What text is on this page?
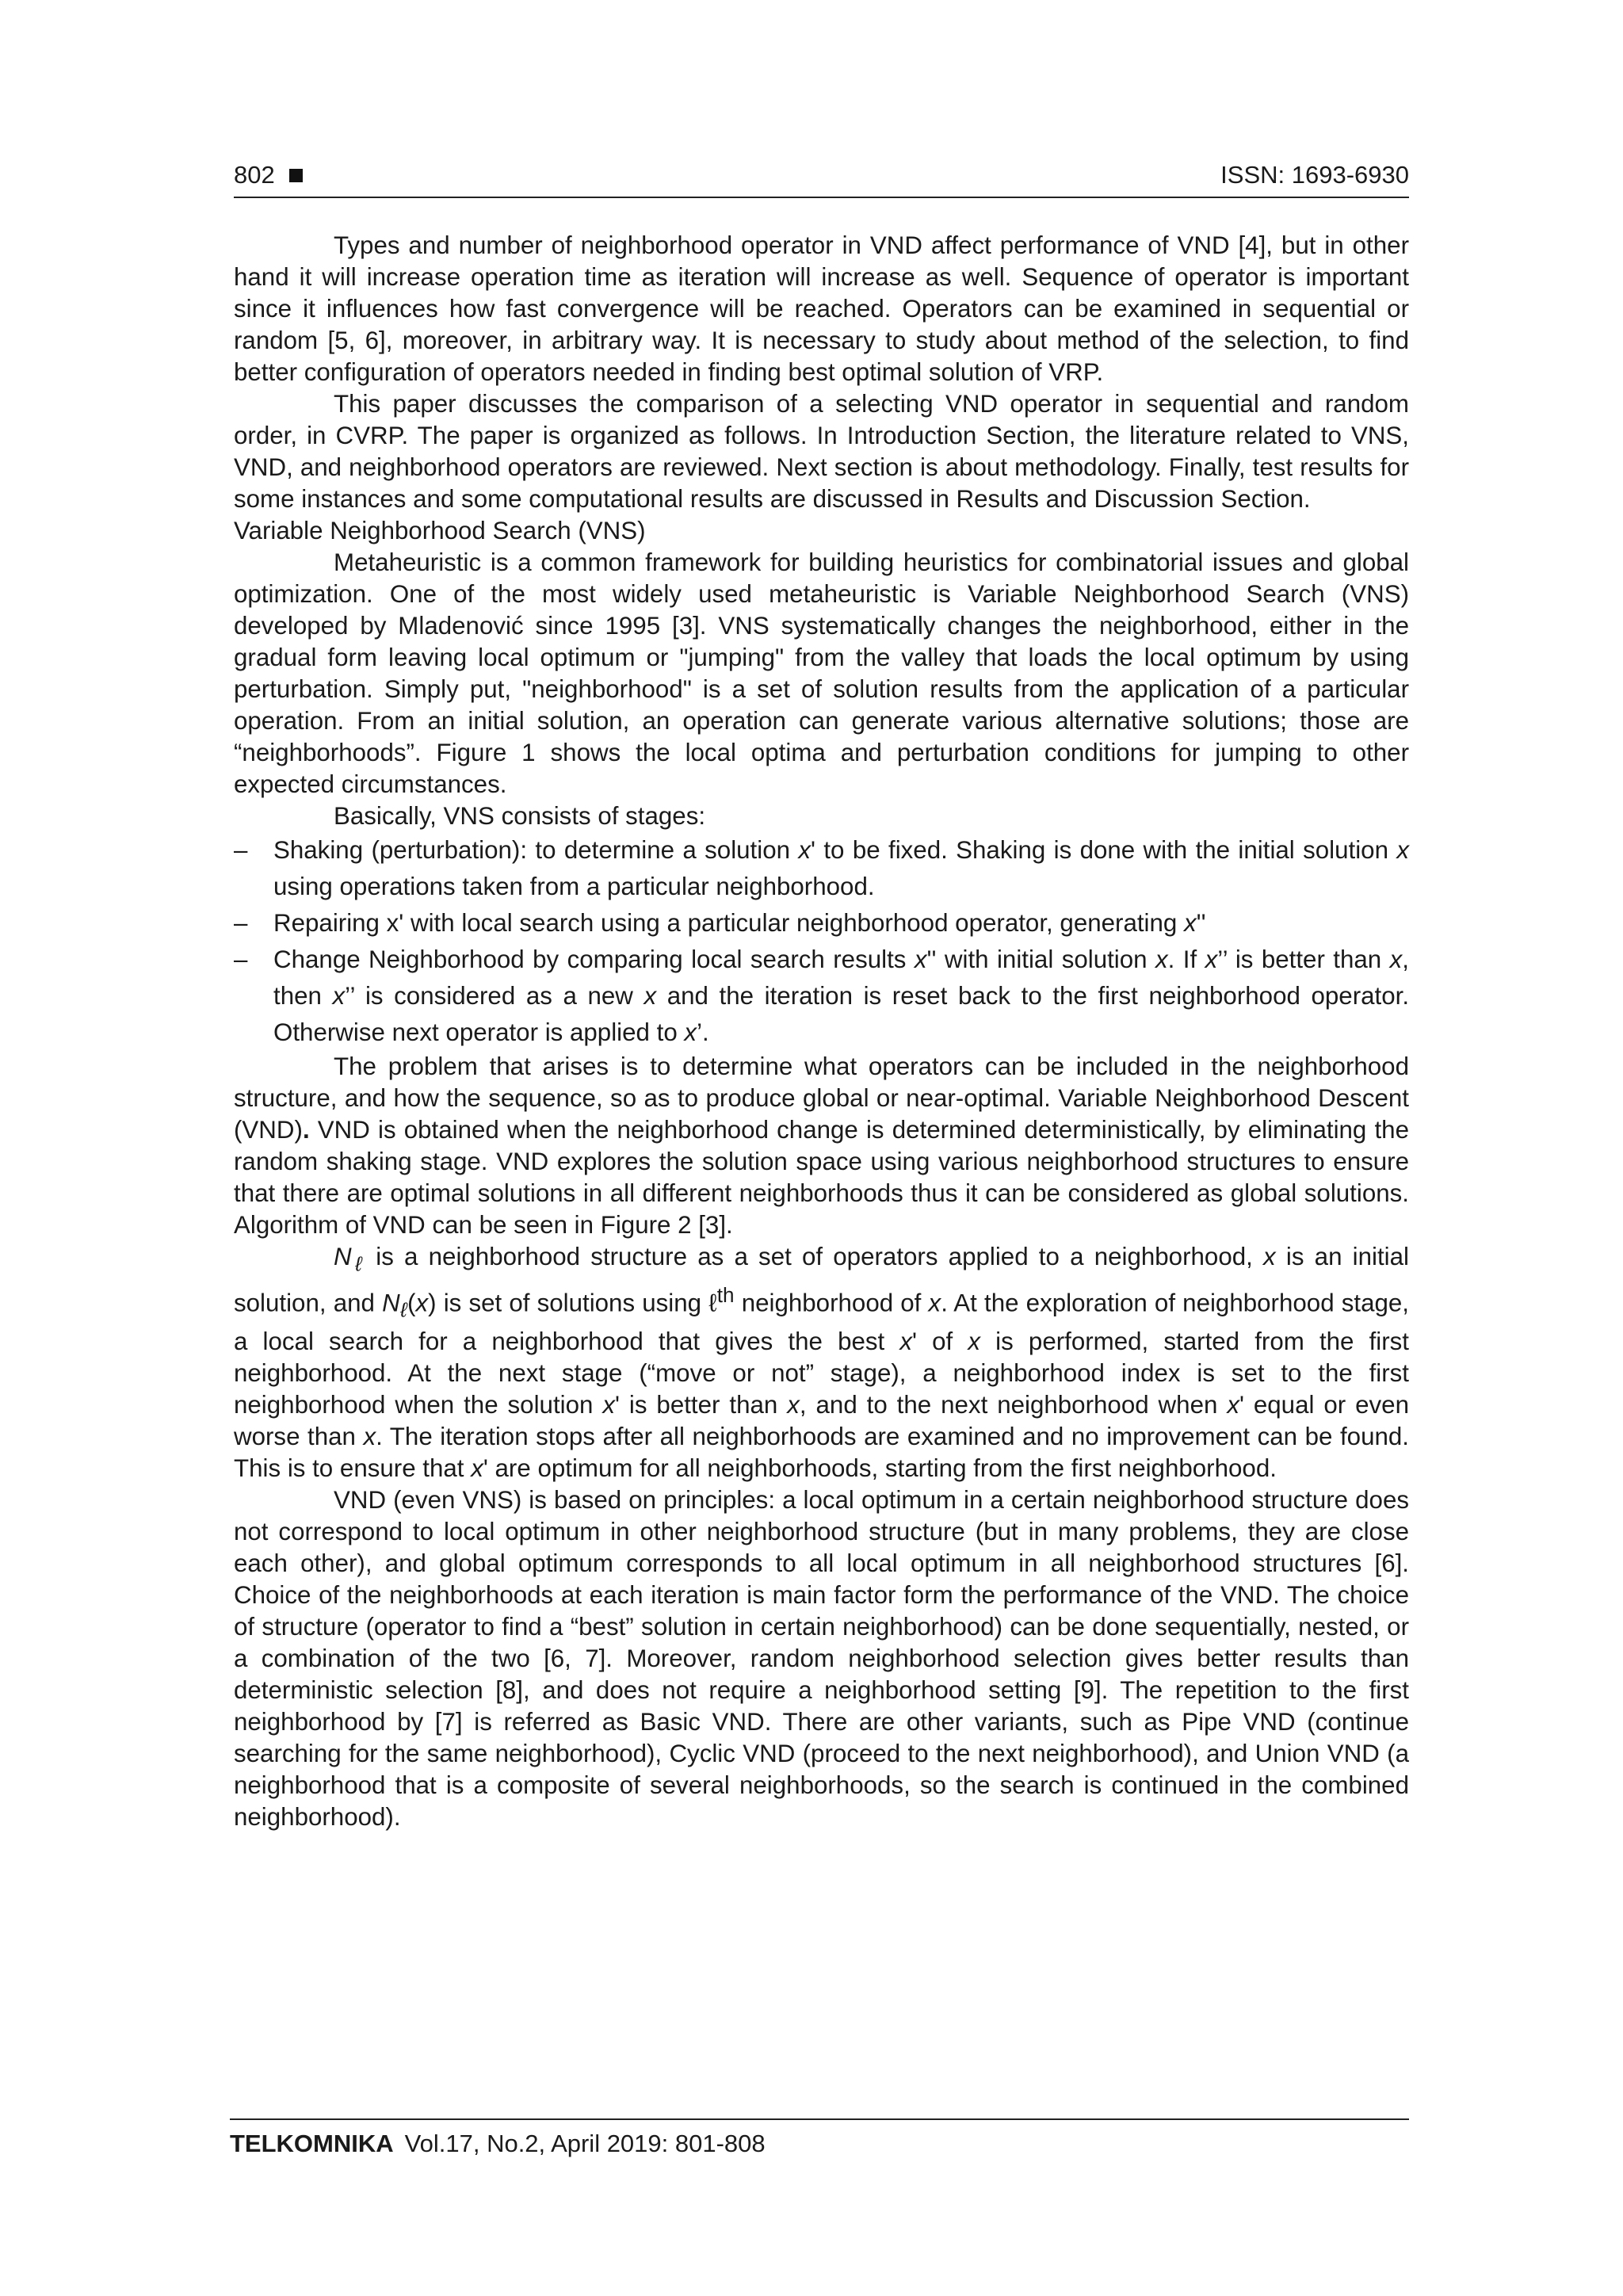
802	ISSN: 1693-6930

Types and number of neighborhood operator in VND affect performance of VND [4], but in other hand it will increase operation time as iteration will increase as well. Sequence of operator is important since it influences how fast convergence will be reached. Operators can be examined in sequential or random [5, 6], moreover, in arbitrary way. It is necessary to study about method of the selection, to find better configuration of operators needed in finding best optimal solution of VRP.

This paper discusses the comparison of a selecting VND operator in sequential and random order, in CVRP. The paper is organized as follows. In Introduction Section, the literature related to VNS, VND, and neighborhood operators are reviewed. Next section is about methodology. Finally, test results for some instances and some computational results are discussed in Results and Discussion Section.

Variable Neighborhood Search (VNS)

Metaheuristic is a common framework for building heuristics for combinatorial issues and global optimization. One of the most widely used metaheuristic is Variable Neighborhood Search (VNS) developed by Mladenović since 1995 [3]. VNS systematically changes the neighborhood, either in the gradual form leaving local optimum or "jumping" from the valley that loads the local optimum by using perturbation. Simply put, "neighborhood" is a set of solution results from the application of a particular operation. From an initial solution, an operation can generate various alternative solutions; those are “neighborhoods”. Figure 1 shows the local optima and perturbation conditions for jumping to other expected circumstances.

Basically, VNS consists of stages:

– Shaking (perturbation): to determine a solution x' to be fixed. Shaking is done with the initial solution x using operations taken from a particular neighborhood.
– Repairing x' with local search using a particular neighborhood operator, generating x''
– Change Neighborhood by comparing local search results x'' with initial solution x. If x’’ is better than x, then x’’ is considered as a new x and the iteration is reset back to the first neighborhood operator. Otherwise next operator is applied to x’.

The problem that arises is to determine what operators can be included in the neighborhood structure, and how the sequence, so as to produce global or near-optimal. Variable Neighborhood Descent (VND). VND is obtained when the neighborhood change is determined deterministically, by eliminating the random shaking stage. VND explores the solution space using various neighborhood structures to ensure that there are optimal solutions in all different neighborhoods thus it can be considered as global solutions. Algorithm of VND can be seen in Figure 2 [3].

$N_\ell$ is a neighborhood structure as a set of operators applied to a neighborhood, x is an initial solution, and $N_\ell(x)$ is set of solutions using ℓ$^{th}$ neighborhood of x. At the exploration of neighborhood stage, a local search for a neighborhood that gives the best x' of x is performed, started from the first neighborhood. At the next stage (“move or not” stage), a neighborhood index is set to the first neighborhood when the solution x' is better than x, and to the next neighborhood when x' equal or even worse than x. The iteration stops after all neighborhoods are examined and no improvement can be found. This is to ensure that x' are optimum for all neighborhoods, starting from the first neighborhood.

VND (even VNS) is based on principles: a local optimum in a certain neighborhood structure does not correspond to local optimum in other neighborhood structure (but in many problems, they are close each other), and global optimum corresponds to all local optimum in all neighborhood structures [6]. Choice of the neighborhoods at each iteration is main factor form the performance of the VND. The choice of structure (operator to find a “best” solution in certain neighborhood) can be done sequentially, nested, or a combination of the two [6, 7]. Moreover, random neighborhood selection gives better results than deterministic selection [8], and does not require a neighborhood setting [9]. The repetition to the first neighborhood by [7] is referred as Basic VND. There are other variants, such as Pipe VND (continue searching for the same neighborhood), Cyclic VND (proceed to the next neighborhood), and Union VND (a neighborhood that is a composite of several neighborhoods, so the search is continued in the combined neighborhood).

TELKOMNIKA Vol.17, No.2, April 2019: 801-808
